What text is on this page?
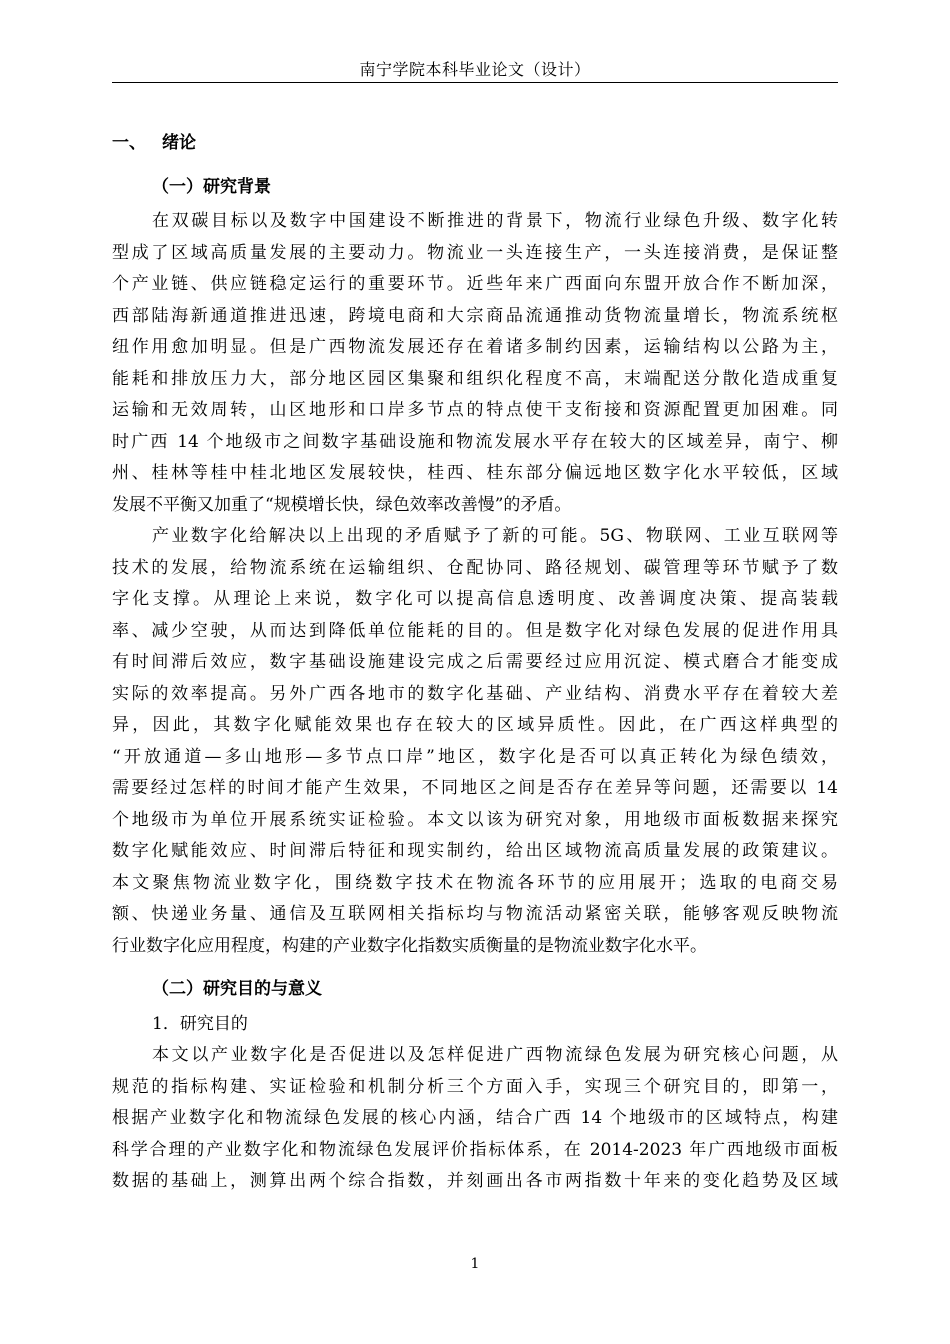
南宁学院本科毕业论文（设计）
一、 绪论
（一）研究背景
在双碳目标以及数字中国建设不断推进的背景下，物流行业绿色升级、数字化转
型成了区域高质量发展的主要动力。物流业一头连接生产，一头连接消费，是保证整
个产业链、供应链稳定运行的重要环节。近些年来广西面向东盟开放合作不断加深，
西部陆海新通道推进迅速，跨境电商和大宗商品流通推动货物流量增长，物流系统枢
纽作用愈加明显。但是广西物流发展还存在着诸多制约因素，运输结构以公路为主，
能耗和排放压力大，部分地区园区集聚和组织化程度不高，末端配送分散化造成重复
运输和无效周转，山区地形和口岸多节点的特点使干支衔接和资源配置更加困难。同
时广西 14 个地级市之间数字基础设施和物流发展水平存在较大的区域差异，南宁、柳
州、桂林等桂中桂北地区发展较快，桂西、桂东部分偏远地区数字化水平较低，区域
发展不平衡又加重了“规模增长快，绿色效率改善慢”的矛盾。
产业数字化给解决以上出现的矛盾赋予了新的可能。5G、物联网、工业互联网等
技术的发展，给物流系统在运输组织、仓配协同、路径规划、碳管理等环节赋予了数
字化支撑。从理论上来说，数字化可以提高信息透明度、改善调度决策、提高装载
率、减少空驶，从而达到降低单位能耗的目的。但是数字化对绿色发展的促进作用具
有时间滞后效应，数字基础设施建设完成之后需要经过应用沉淀、模式磨合才能变成
实际的效率提高。另外广西各地市的数字化基础、产业结构、消费水平存在着较大差
异，因此，其数字化赋能效果也存在较大的区域异质性。因此，在广西这样典型的
“开放通道—多山地形—多节点口岸”地区，数字化是否可以真正转化为绿色绩效，
需要经过怎样的时间才能产生效果，不同地区之间是否存在差异等问题，还需要以 14
个地级市为单位开展系统实证检验。本文以该为研究对象，用地级市面板数据来探究
数字化赋能效应、时间滞后特征和现实制约，给出区域物流高质量发展的政策建议。
本文聚焦物流业数字化，围绕数字技术在物流各环节的应用展开；选取的电商交易
额、快递业务量、通信及互联网相关指标均与物流活动紧密关联，能够客观反映物流
行业数字化应用程度，构建的产业数字化指数实质衡量的是物流业数字化水平。
（二）研究目的与意义
1．研究目的
本文以产业数字化是否促进以及怎样促进广西物流绿色发展为研究核心问题，从
规范的指标构建、实证检验和机制分析三个方面入手，实现三个研究目的，即第一，
根据产业数字化和物流绿色发展的核心内涵，结合广西 14 个地级市的区域特点，构建
科学合理的产业数字化和物流绿色发展评价指标体系，在 2014-2023 年广西地级市面板
数据的基础上，测算出两个综合指数，并刻画出各市两指数十年来的变化趋势及区域
1
